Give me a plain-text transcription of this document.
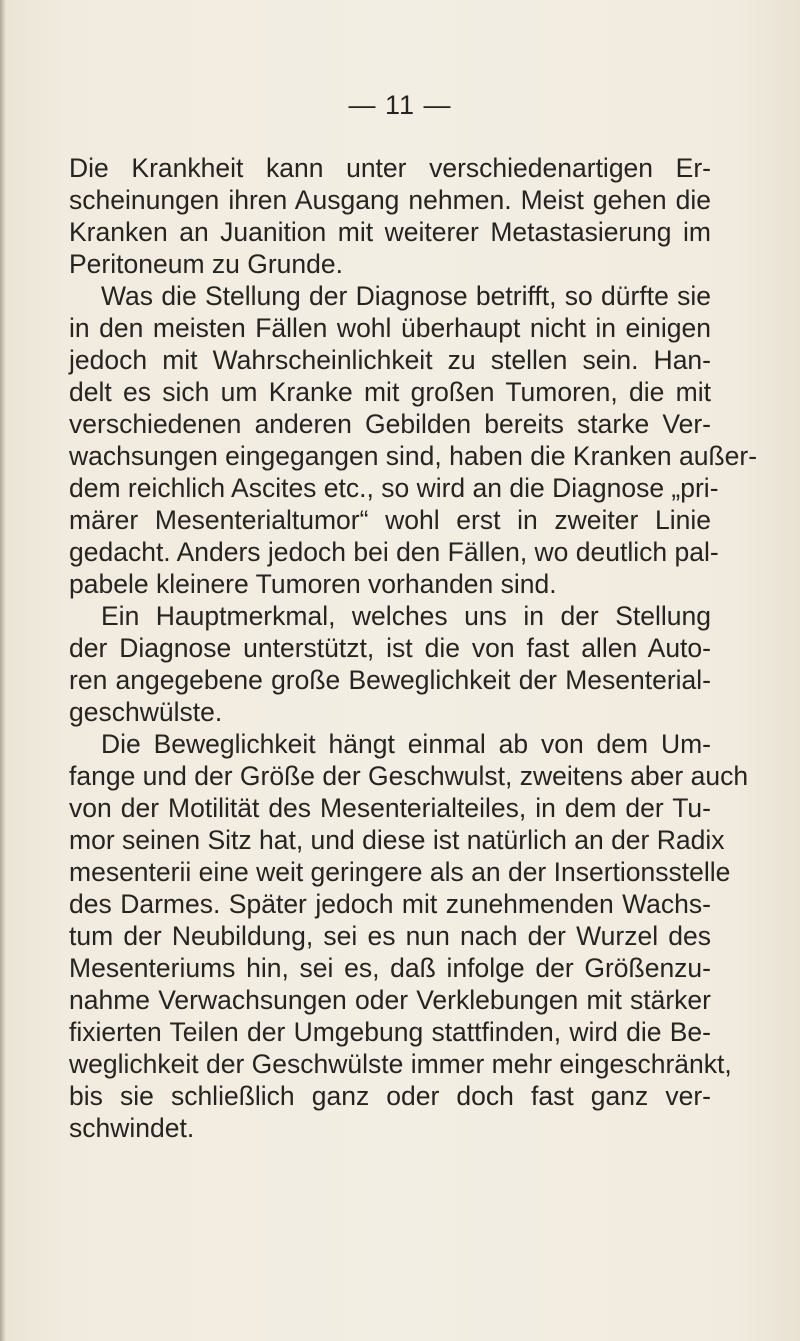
— 11 —
Die Krankheit kann unter verschiedenartigen Er-
scheinungen ihren Ausgang nehmen. Meist gehen die
Kranken an Juanition mit weiterer Metastasierung im
Peritoneum zu Grunde.
Was die Stellung der Diagnose betrifft, so dürfte sie
in den meisten Fällen wohl überhaupt nicht in einigen
jedoch mit Wahrscheinlichkeit zu stellen sein. Han-
delt es sich um Kranke mit großen Tumoren, die mit
verschiedenen anderen Gebilden bereits starke Ver-
wachsungen eingegangen sind, haben die Kranken außer-
dem reichlich Ascites etc., so wird an die Diagnose „pri-
märer Mesenterialtumor“ wohl erst in zweiter Linie
gedacht. Anders jedoch bei den Fällen, wo deutlich pal-
pabele kleinere Tumoren vorhanden sind.
Ein Hauptmerkmal, welches uns in der Stellung
der Diagnose unterstützt, ist die von fast allen Auto-
ren angegebene große Beweglichkeit der Mesenterial-
geschwülste.
Die Beweglichkeit hängt einmal ab von dem Um-
fange und der Größe der Geschwulst, zweitens aber auch
von der Motilität des Mesenterialteiles, in dem der Tu-
mor seinen Sitz hat, und diese ist natürlich an der Radix
mesenterii eine weit geringere als an der Insertionsstelle
des Darmes. Später jedoch mit zunehmenden Wachs-
tum der Neubildung, sei es nun nach der Wurzel des
Mesenteriums hin, sei es, daß infolge der Größenzu-
nahme Verwachsungen oder Verklebungen mit stärker
fixierten Teilen der Umgebung stattfinden, wird die Be-
weglichkeit der Geschwülste immer mehr eingeschränkt,
bis sie schließlich ganz oder doch fast ganz ver-
schwindet.
